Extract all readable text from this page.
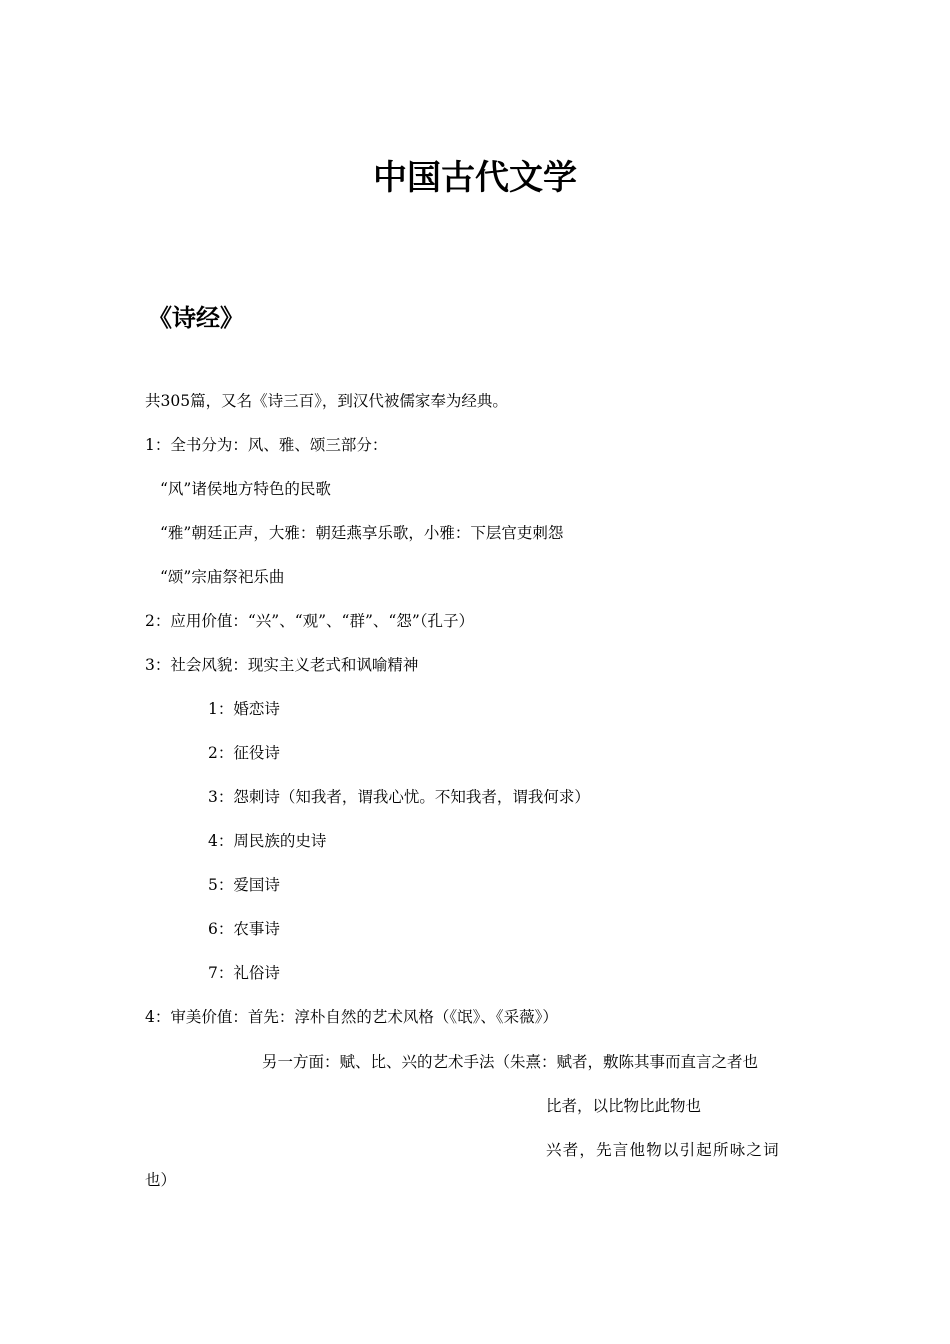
中国古代文学
《诗经》

共305篇，又名《诗三百》，到汉代被儒家奉为经典。

1：全书分为：风、雅、颂三部分：

“风”诸侯地方特色的民歌

“雅”朝廷正声，大雅：朝廷燕享乐歌，小雅：下层官吏刺怨

“颂”宗庙祭祀乐曲

2：应用价值：“兴”、“观”、“群”、“怨”（孔子）

3：社会风貌：现实主义老式和讽喻精神

1：婚恋诗

2：征役诗

3：怨刺诗（知我者，谓我心忧。不知我者，谓我何求）

4：周民族的史诗

5：爱国诗

6：农事诗

7：礼俗诗

4：审美价值：首先：淳朴自然的艺术风格（《氓》、《采薇》）

另一方面：赋、比、兴的艺术手法（朱熹：赋者，敷陈其事而直言之者也

比者，以比物比此物也

兴者，先言他物以引起所咏之词

也）
